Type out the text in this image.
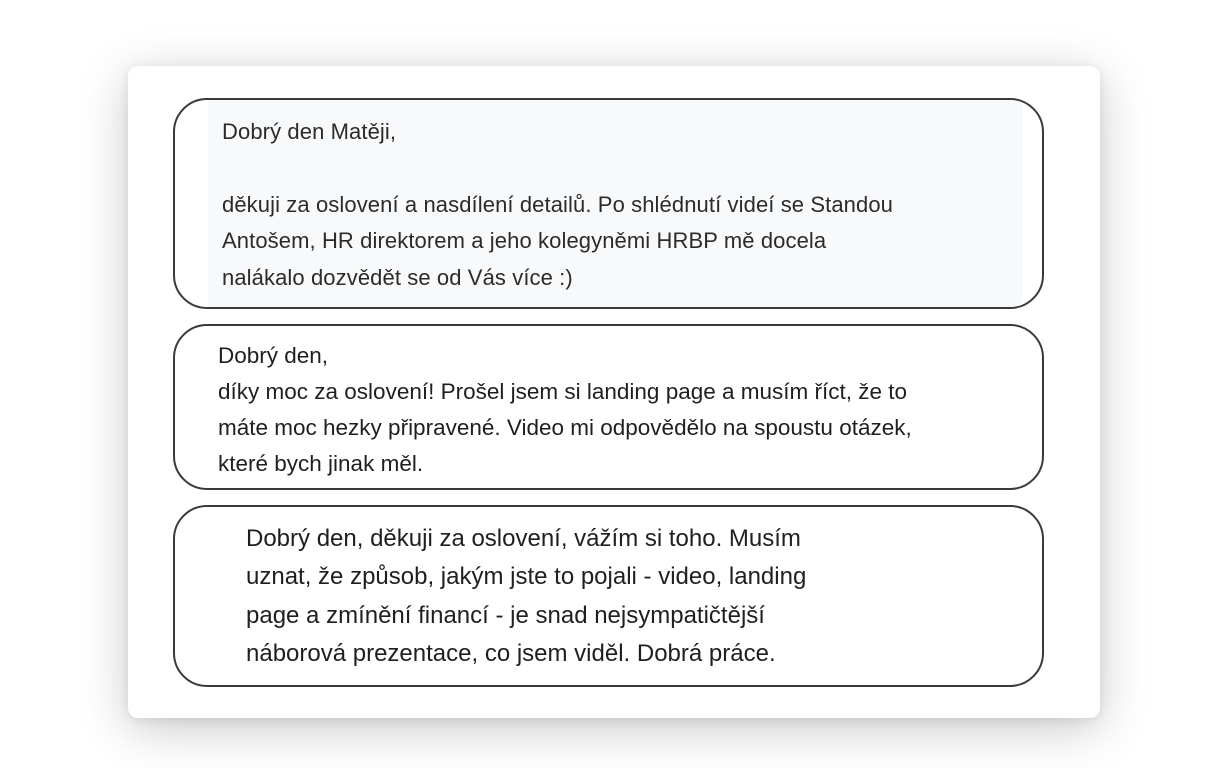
Dobrý den Matěji,
děkuji za oslovení a nasdílení detailů. Po shlédnutí videí se Standou
Antošem, HR direktorem a jeho kolegyněmi HRBP mě docela
nalákalo dozvědět se od Vás více :)
Dobrý den,
díky moc za oslovení! Prošel jsem si landing page a musím říct, že to
máte moc hezky připravené. Video mi odpovědělo na spoustu otázek,
které bych jinak měl.
Dobrý den, děkuji za oslovení, vážím si toho. Musím
uznat, že způsob, jakým jste to pojali - video, landing
page a zmínění financí - je snad nejsympatičtější
náborová prezentace, co jsem viděl. Dobrá práce.
